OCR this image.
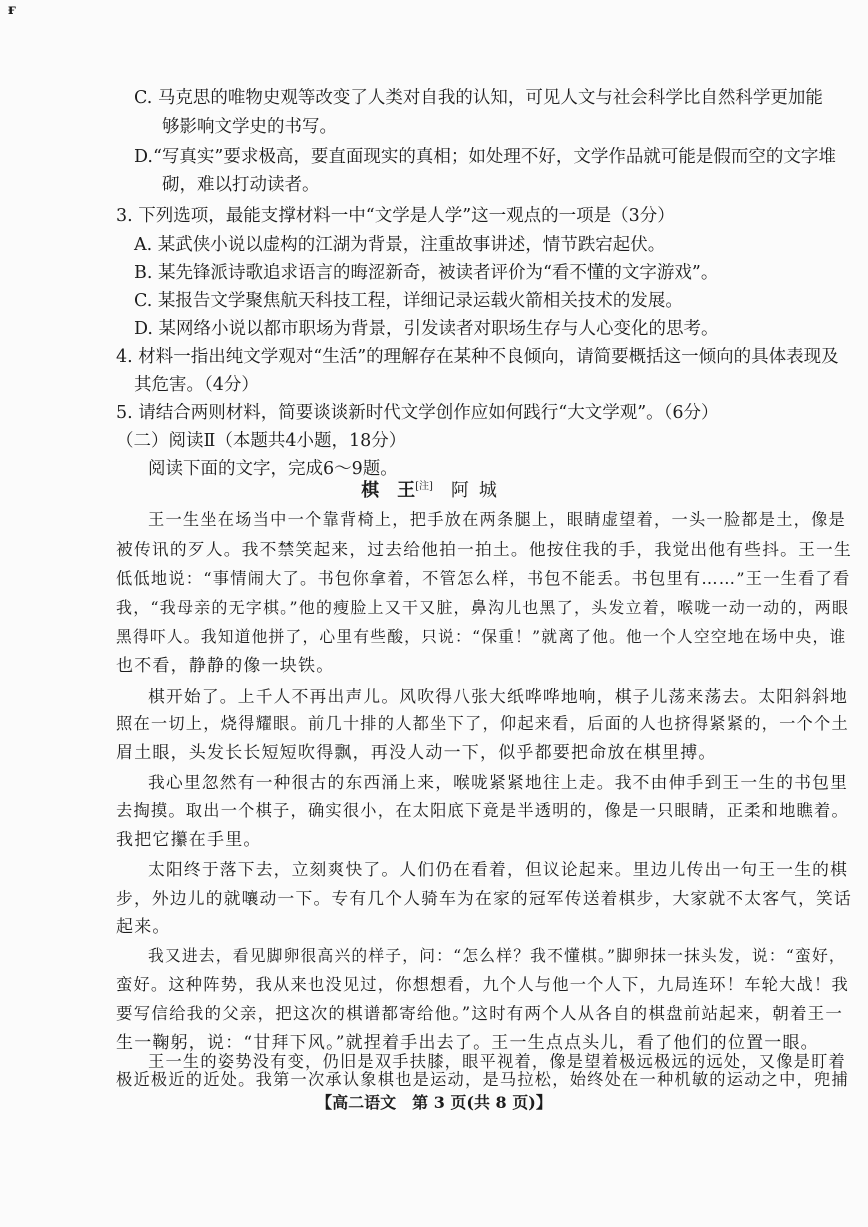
ғ
C. 马克思的唯物史观等改变了人类对自我的认知，可见人文与社会科学比自然科学更加能
够影响文学史的书写。
D.“写真实”要求极高，要直面现实的真相；如处理不好，文学作品就可能是假而空的文字堆
砌，难以打动读者。
3. 下列选项，最能支撑材料一中“文学是人学”这一观点的一项是（3分）
A. 某武侠小说以虚构的江湖为背景，注重故事讲述，情节跌宕起伏。
B. 某先锋派诗歌追求语言的晦涩新奇，被读者评价为“看不懂的文字游戏”。
C. 某报告文学聚焦航天科技工程，详细记录运载火箭相关技术的发展。
D. 某网络小说以都市职场为背景，引发读者对职场生存与人心变化的思考。
4. 材料一指出纯文学观对“生活”的理解存在某种不良倾向，请简要概括这一倾向的具体表现及
其危害。（4分）
5. 请结合两则材料，简要谈谈新时代文学创作应如何践行“大文学观”。（6分）
（二）阅读Ⅱ（本题共4小题，18分）
阅读下面的文字，完成6～9题。
棋　王[注] 阿城
王一生坐在场当中一个靠背椅上，把手放在两条腿上，眼睛虚望着，一头一脸都是土，像是
被传讯的歹人。我不禁笑起来，过去给他拍一拍土。他按住我的手，我觉出他有些抖。王一生
低低地说：“事情闹大了。书包你拿着，不管怎么样，书包不能丢。书包里有……”王一生看了看
我，“我母亲的无字棋。”他的瘦脸上又干又脏，鼻沟儿也黑了，头发立着，喉咙一动一动的，两眼
黑得吓人。我知道他拼了，心里有些酸，只说：“保重！”就离了他。他一个人空空地在场中央，谁
也不看，静静的像一块铁。
棋开始了。上千人不再出声儿。风吹得八张大纸哗哗地响，棋子儿荡来荡去。太阳斜斜地
照在一切上，烧得耀眼。前几十排的人都坐下了，仰起来看，后面的人也挤得紧紧的，一个个土
眉土眼，头发长长短短吹得飘，再没人动一下，似乎都要把命放在棋里搏。
我心里忽然有一种很古的东西涌上来，喉咙紧紧地往上走。我不由伸手到王一生的书包里
去掏摸。取出一个棋子，确实很小，在太阳底下竟是半透明的，像是一只眼睛，正柔和地瞧着。
我把它攥在手里。
太阳终于落下去，立刻爽快了。人们仍在看着，但议论起来。里边儿传出一句王一生的棋
步，外边儿的就嚷动一下。专有几个人骑车为在家的冠军传送着棋步，大家就不太客气，笑话
起来。
我又进去，看见脚卵很高兴的样子，问：“怎么样？我不懂棋。”脚卵抹一抹头发，说：“蛮好，
蛮好。这种阵势，我从来也没见过，你想想看，九个人与他一个人下，九局连环！车轮大战！我
要写信给我的父亲，把这次的棋谱都寄给他。”这时有两个人从各自的棋盘前站起来，朝着王一
生一鞠躬，说：“甘拜下风。”就捏着手出去了。王一生点点头儿，看了他们的位置一眼。
王一生的姿势没有变，仍旧是双手扶膝，眼平视着，像是望着极远极远的远处，又像是盯着
极近极近的近处。我第一次承认象棋也是运动，是马拉松，始终处在一种机敏的运动之中，兜捕
【高二语文　第 3 页(共 8 页)】
